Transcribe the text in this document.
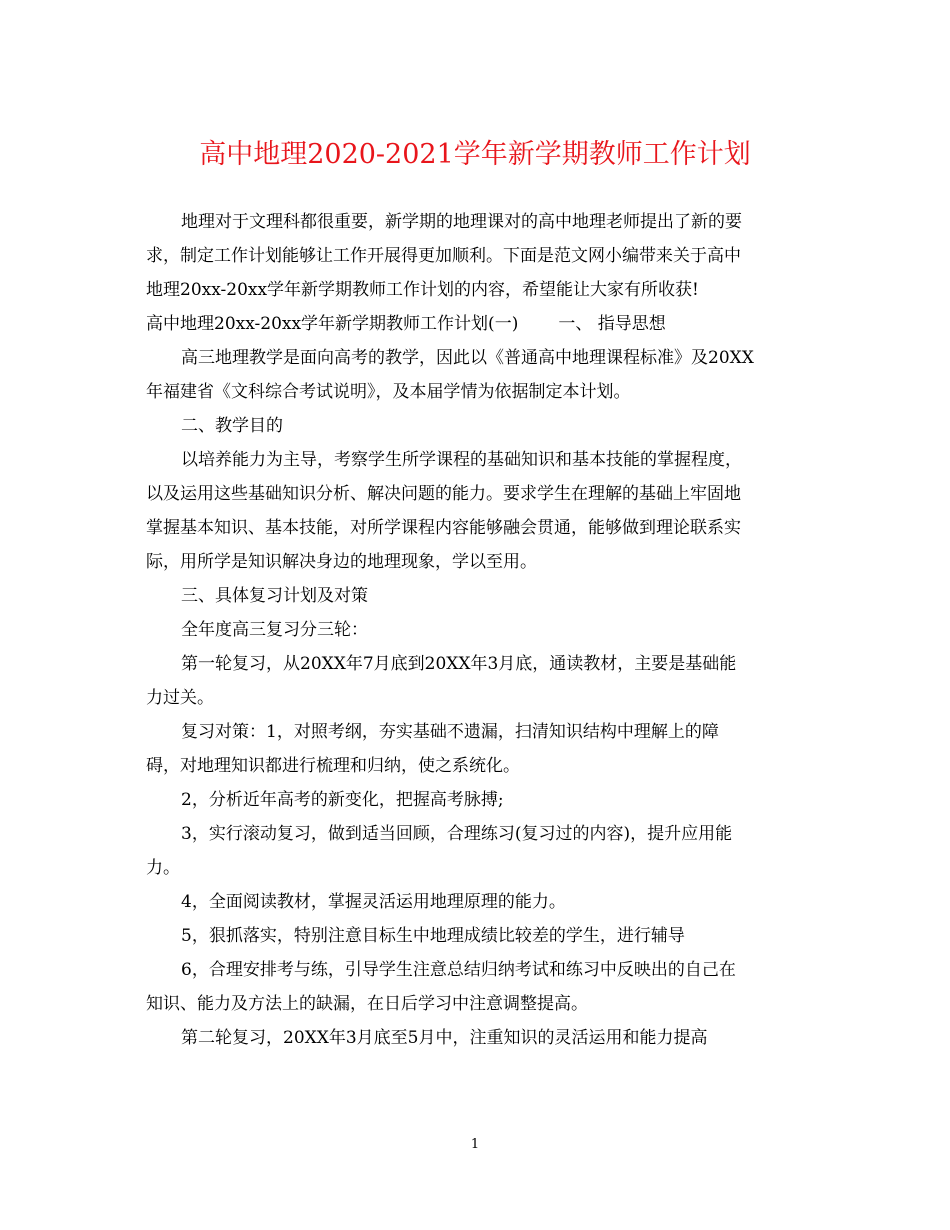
高中地理2020-2021学年新学期教师工作计划
地理对于文理科都很重要，新学期的地理课对的高中地理老师提出了新的要
求，制定工作计划能够让工作开展得更加顺利。下面是范文网小编带来关于高中
地理20xx-20xx学年新学期教师工作计划的内容，希望能让大家有所收获!
高中地理20xx-20xx学年新学期教师工作计划(一) 一、 指导思想
高三地理教学是面向高考的教学，因此以《普通高中地理课程标准》及20XX
年福建省《文科综合考试说明》，及本届学情为依据制定本计划。
二、教学目的
以培养能力为主导，考察学生所学课程的基础知识和基本技能的掌握程度，
以及运用这些基础知识分析、解决问题的能力。要求学生在理解的基础上牢固地
掌握基本知识、基本技能，对所学课程内容能够融会贯通，能够做到理论联系实
际，用所学是知识解决身边的地理现象，学以至用。
三、具体复习计划及对策
全年度高三复习分三轮：
第一轮复习，从20XX年7月底到20XX年3月底，通读教材，主要是基础能
力过关。
复习对策：1，对照考纲，夯实基础不遗漏，扫清知识结构中理解上的障
碍，对地理知识都进行梳理和归纳，使之系统化。
2，分析近年高考的新变化，把握高考脉搏;
3，实行滚动复习，做到适当回顾，合理练习(复习过的内容)，提升应用能
力。
4，全面阅读教材，掌握灵活运用地理原理的能力。
5，狠抓落实，特别注意目标生中地理成绩比较差的学生，进行辅导
6，合理安排考与练，引导学生注意总结归纳考试和练习中反映出的自己在
知识、能力及方法上的缺漏，在日后学习中注意调整提高。
第二轮复习，20XX年3月底至5月中，注重知识的灵活运用和能力提高
1
